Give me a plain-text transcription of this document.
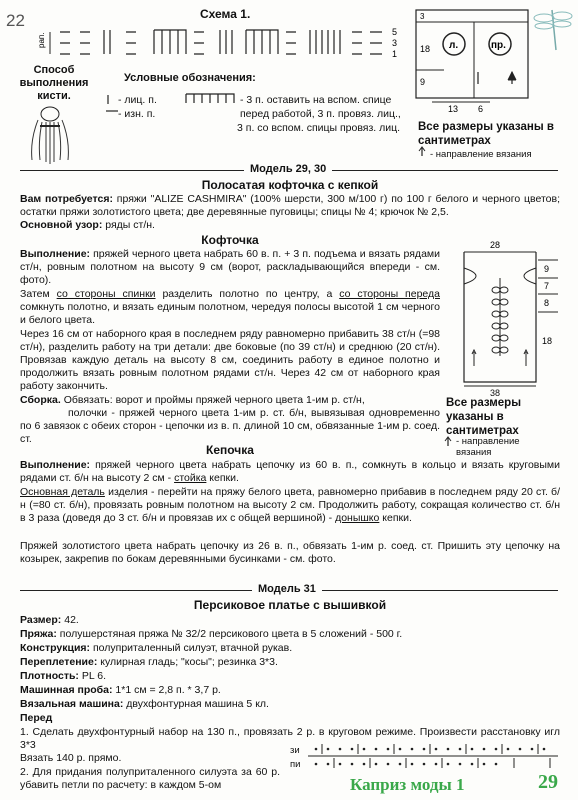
22	Схема 1.
рап.
5
3
1
Способ выполнения кисти.
Условные обозначения:
- лиц. п.
- изн. п.
- 3 п. оставить на вспом. спице
перед работой, 3 п. провяз. лиц.,
3 п. со вспом. спицы провяз. лиц.
л.	пр.
3
18
9
13 6
Все размеры указаны в сантиметрах
- направление вязания
Модель 29, 30
Полосатая кофточка с кепкой
Вам потребуется: пряжи "ALIZE CASHMIRA" (100% шерсти, 300 м/100 г) по 100 г белого и черного цветов; остатки пряжи золотистого цвета; две деревянные пуговицы; спицы № 4; крючок № 2,5.
Основной узор: ряды ст/н.
Кофточка
Выполнение: пряжей черного цвета набрать 60 в. п. + 3 п. подъема и вязать рядами ст/н, ровным полотном на высоту 9 см (ворот, раскладывающийся впереди - см. фото).
Затем со стороны спинки разделить полотно по центру, а со стороны переда сомкнуть полотно, и вязать единым полотном, чередуя полосы высотой 1 см черного и белого цвета.
Через 16 см от наборного края в последнем ряду равномерно прибавить 38 ст/н (=98 ст/н), разделить работу на три детали: две боковые (по 39 ст/н) и среднюю (20 ст/н). Провязав каждую деталь на высоту 8 см, соединить работу в единое полотно и продолжить вязать ровным полотном рядами ст/н. Через 42 см от наборного края работу закончить.
Сборка. Обвязать: ворот и проймы пряжей черного цвета 1-им р. ст/н,
полочки - пряжей черного цвета 1-им р. ст. б/н, вывязывая одновременно по 6 завязок с обеих сторон - цепочки из в. п. длиной 10 см, обвязанные 1-им р. соед. ст.
Кепочка
Выполнение: пряжей черного цвета набрать цепочку из 60 в. п., сомкнуть в кольцо и вязать круговыми рядами ст. б/н на высоту 2 см - стойка кепки.
Основная деталь изделия - перейти на пряжу белого цвета, равномерно прибавив в последнем ряду 20 ст. б/н (=80 ст. б/н), провязать ровным полотном на высоту 2 см. Продолжить работу, сокращая количество ст. б/н в 3 раза (доведя до 3 ст. б/н и провязав их с общей вершиной) - донышко кепки.
Пряжей золотистого цвета набрать цепочку из 26 в. п., обвязать 1-им р. соед. ст. Пришить эту цепочку на козырек, закрепив по бокам деревянными бусинками - см. фото.
28
9
7
8
18
38
Все размеры указаны в сантиметрах
- направление вязания
Модель 31
Персиковое платье с вышивкой
Размер: 42.
Пряжа: полушерстяная пряжа № 32/2 персикового цвета в 5 сложений - 500 г.
Конструкция: полуприталенный силуэт, втачной рукав.
Переплетение: кулирная гладь; "косы"; резинка 3*3.
Плотность: PL 6.
Машинная проба: 1*1 см = 2,8 п. * 3,7 р.
Вязальная машина: двухфонтурная машина 5 кл.
Перед
1. Сделать двухфонтурный набор на 130 п., провязать 2 р. в круговом режиме. Произвести расстановку игл 3*3
Вязать 140 р. прямо.
2. Для придания полуприталенного силуэта за 60 р. убавить петли по расчету: в каждом 5-ом
зи
пи
Каприз моды 1	29
